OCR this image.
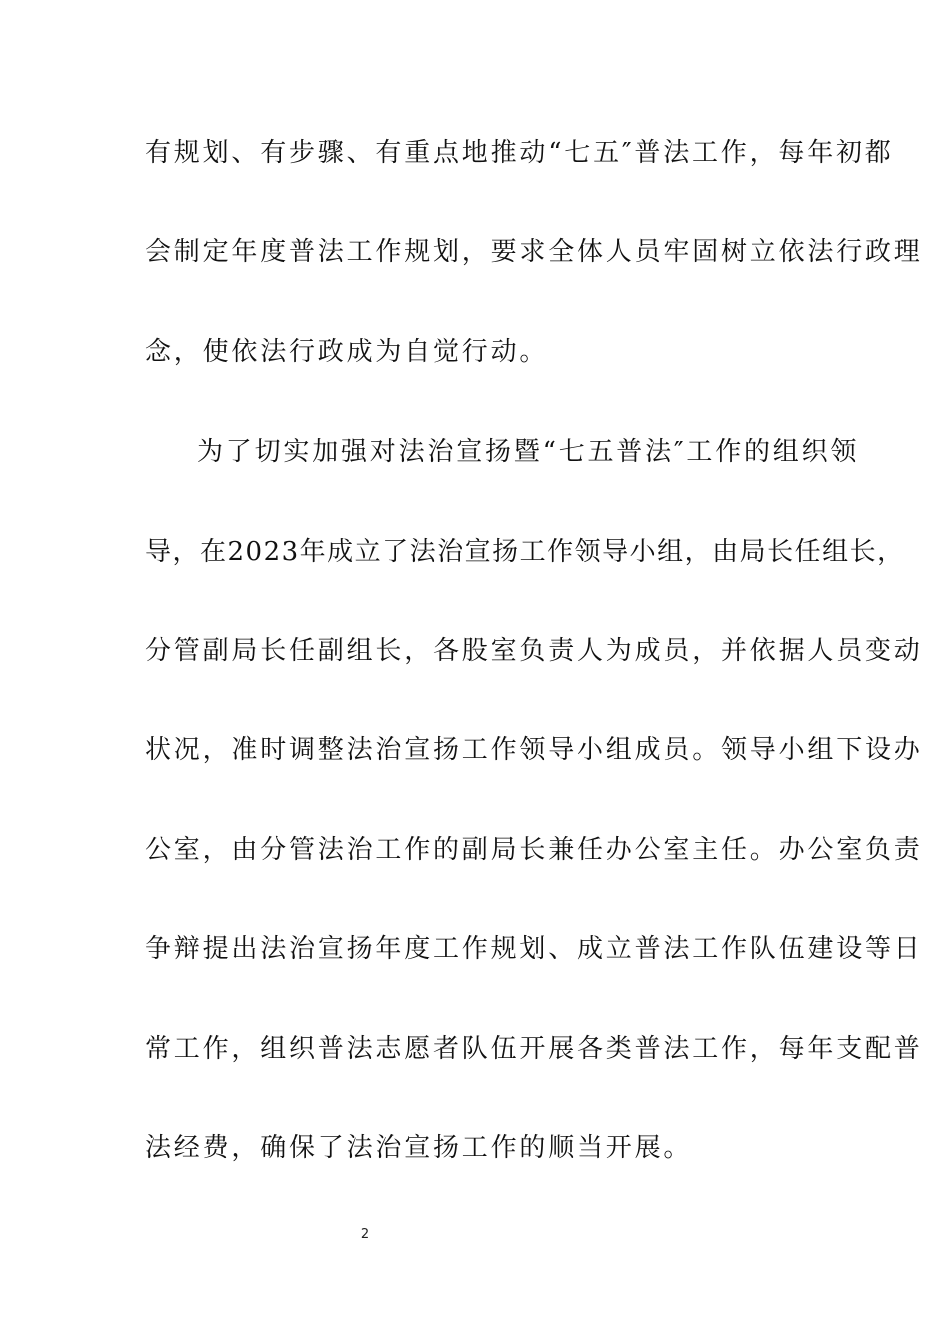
有规划、有步骤、有重点地推动“七五″普法工作，每年初都
会制定年度普法工作规划，要求全体人员牢固树立依法行政理
念，使依法行政成为自觉行动。
为了切实加强对法治宣扬暨“七五普法″工作的组织领
导，在2023年成立了法治宣扬工作领导小组，由局长任组长，
分管副局长任副组长，各股室负责人为成员，并依据人员变动
状况，准时调整法治宣扬工作领导小组成员。领导小组下设办
公室，由分管法治工作的副局长兼任办公室主任。办公室负责
争辩提出法治宣扬年度工作规划、成立普法工作队伍建设等日
常工作，组织普法志愿者队伍开展各类普法工作，每年支配普
法经费，确保了法治宣扬工作的顺当开展。
2
